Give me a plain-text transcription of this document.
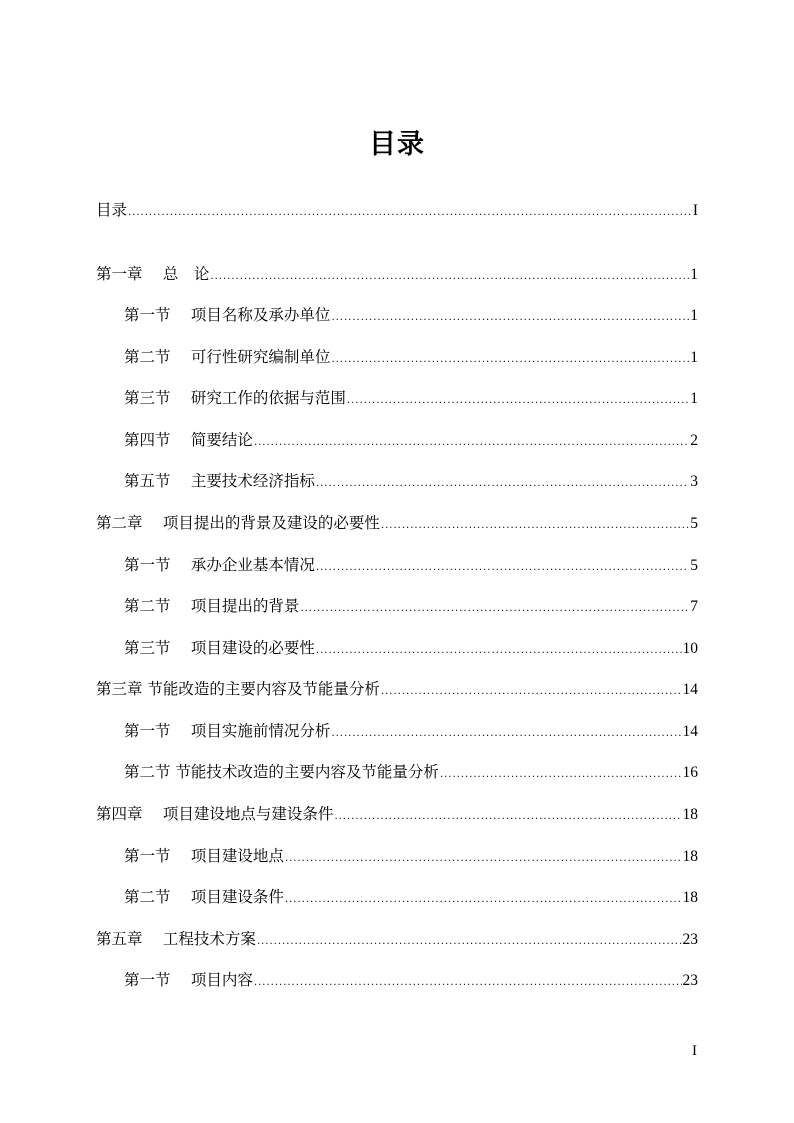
目录
目录 .....	I
第一章　 总　论 .....	1
第一节　 项目名称及承办单位 .....	1
第二节　 可行性研究编制单位 .....	1
第三节　 研究工作的依据与范围 .....	1
第四节　 简要结论 .....	2
第五节　 主要技术经济指标 .....	3
第二章　 项目提出的背景及建设的必要性 .....	5
第一节　 承办企业基本情况 .....	5
第二节　 项目提出的背景 .....	7
第三节　 项目建设的必要性 .....	10
第三章 节能改造的主要内容及节能量分析 .....	14
第一节　 项目实施前情况分析 .....	14
第二节 节能技术改造的主要内容及节能量分析 .....	16
第四章　 项目建设地点与建设条件 .....	18
第一节　 项目建设地点 .....	18
第二节　 项目建设条件 .....	18
第五章　 工程技术方案 .....	23
第一节　 项目内容 .....	23
I
